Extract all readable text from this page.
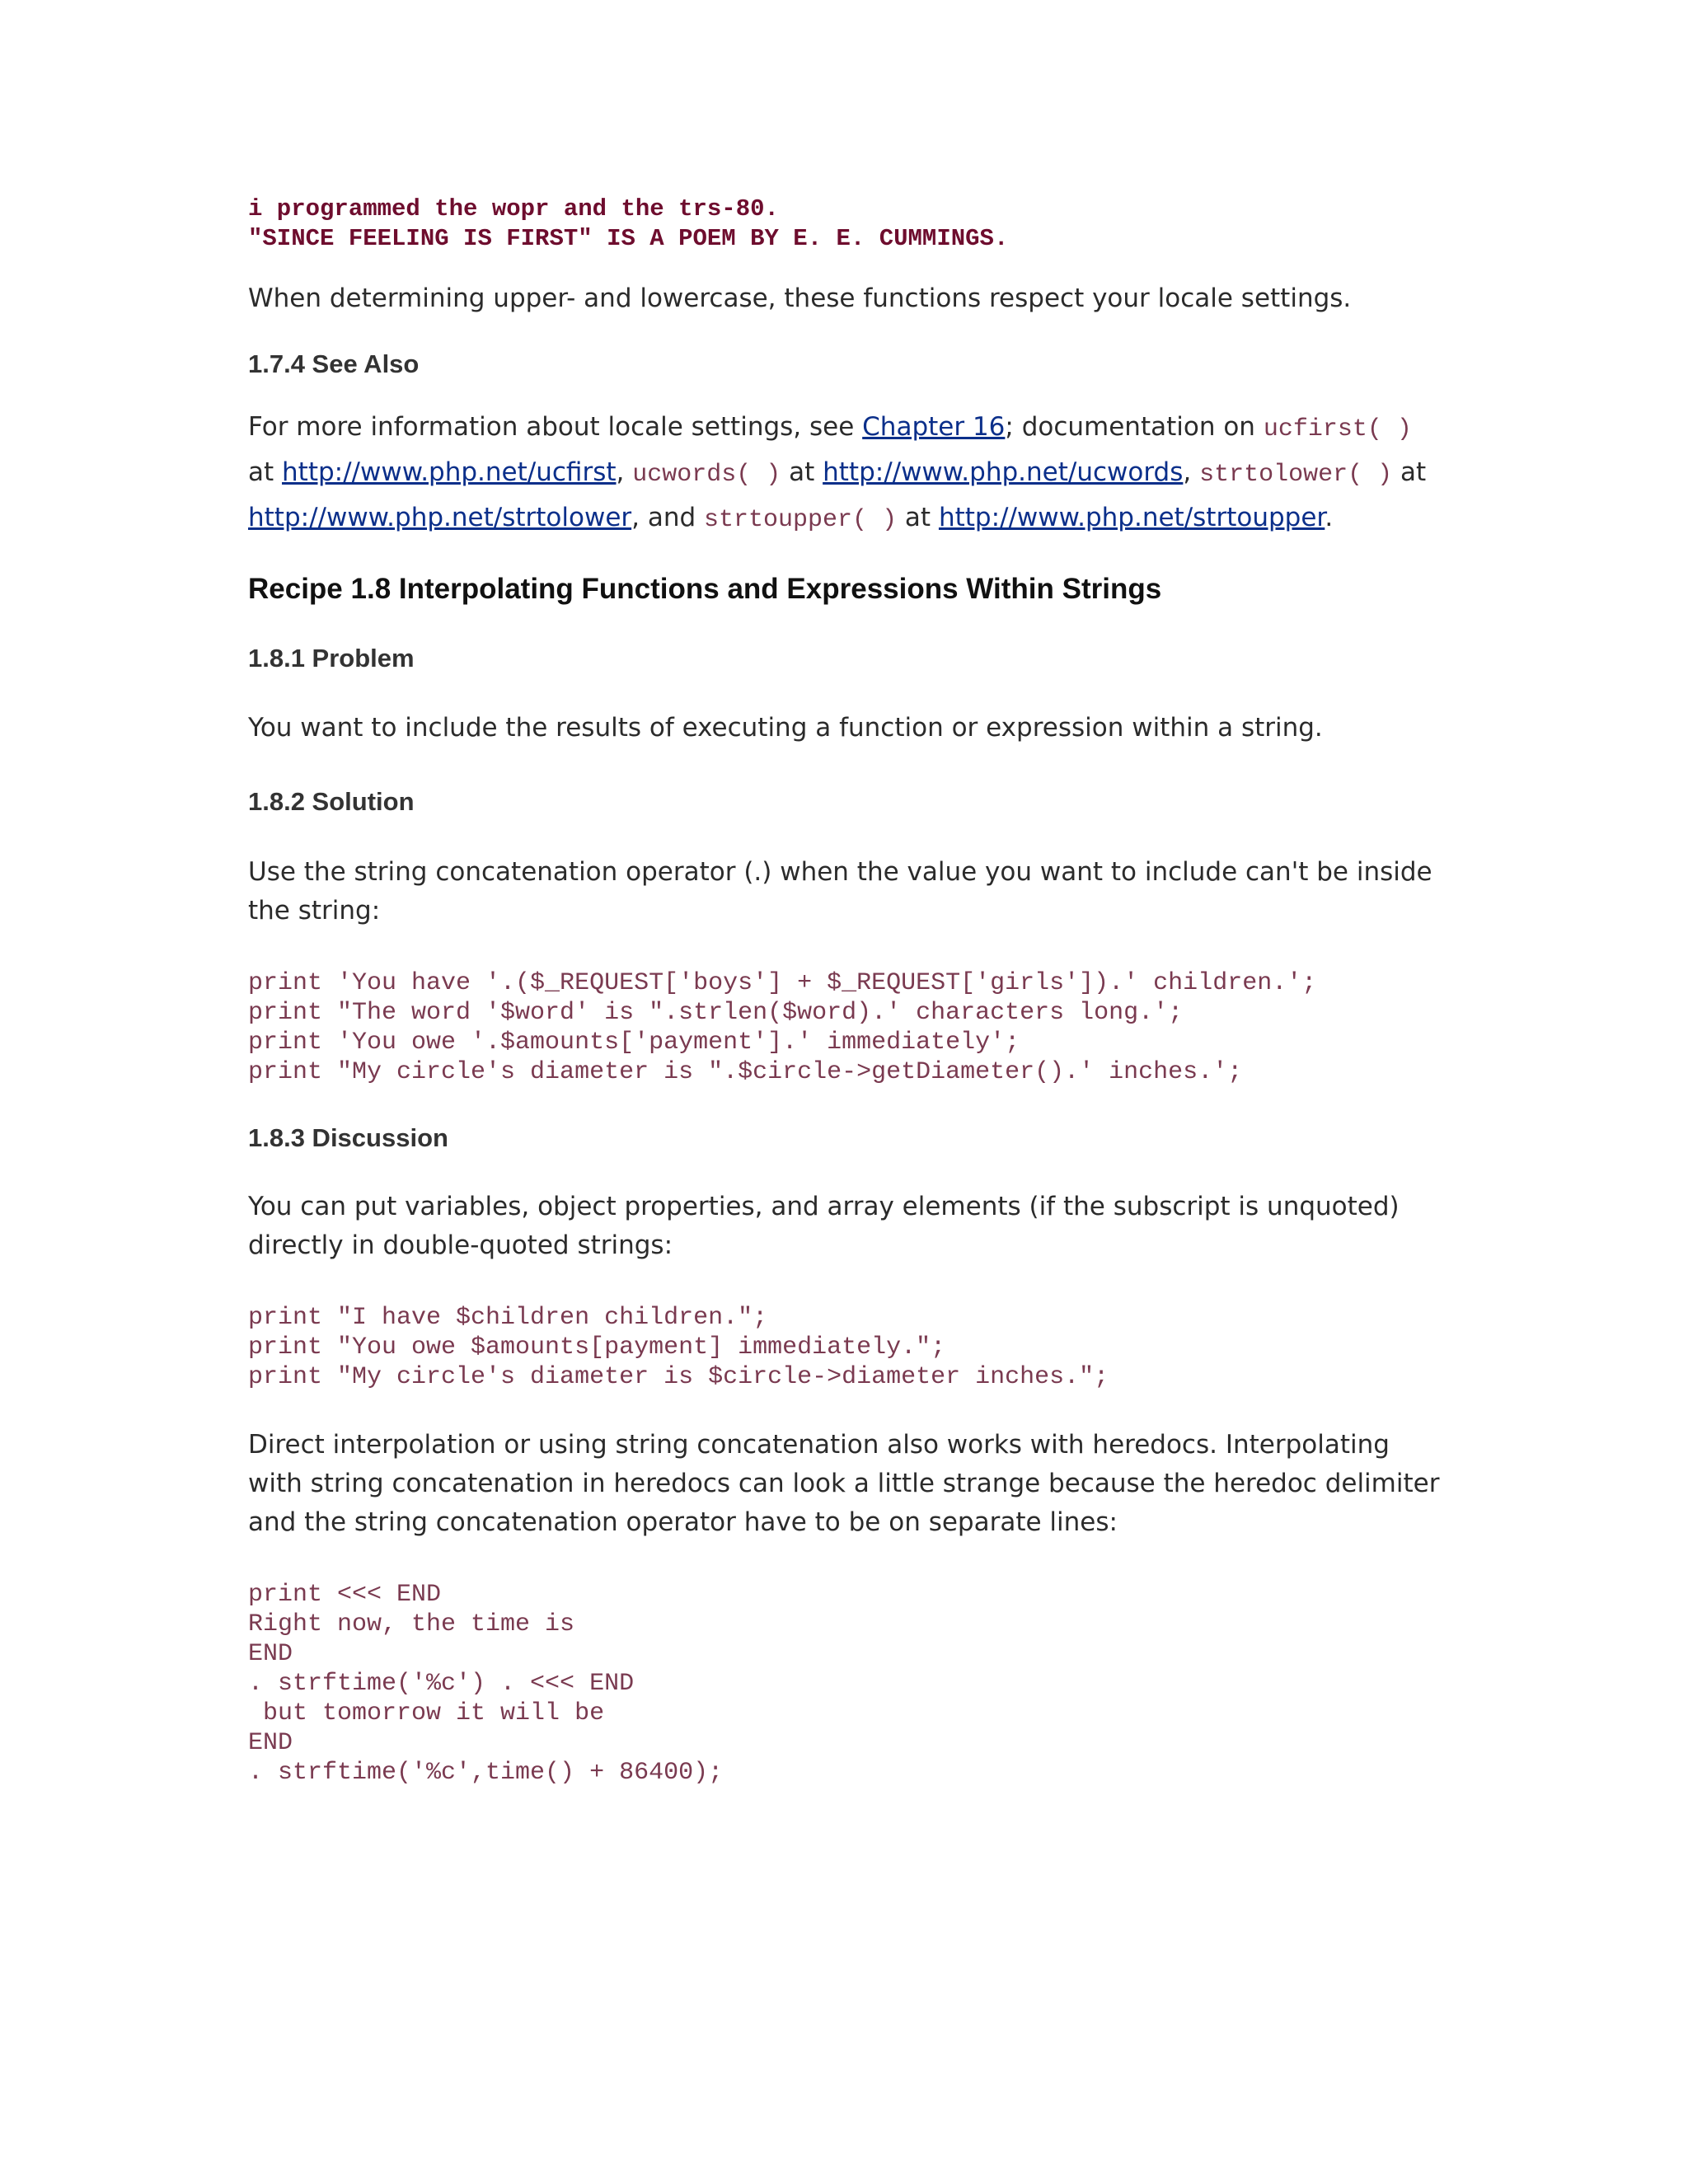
i programmed the wopr and the trs-80.
"SINCE FEELING IS FIRST" IS A POEM BY E. E. CUMMINGS.

When determining upper- and lowercase, these functions respect your locale settings.

1.7.4 See Also

For more information about locale settings, see Chapter 16; documentation on ucfirst( ) at http://www.php.net/ucfirst, ucwords( ) at http://www.php.net/ucwords, strtolower( ) at http://www.php.net/strtolower, and strtoupper( ) at http://www.php.net/strtoupper.

Recipe 1.8 Interpolating Functions and Expressions Within Strings
1.8.1 Problem

You want to include the results of executing a function or expression within a string.

1.8.2 Solution

Use the string concatenation operator (.) when the value you want to include can't be inside the string:

print 'You have '.($_REQUEST['boys'] + $_REQUEST['girls']).' children.';
print "The word '$word' is ".strlen($word).' characters long.';
print 'You owe '.$amounts['payment'].' immediately';
print "My circle's diameter is ".$circle->getDiameter().' inches.';
1.8.3 Discussion

You can put variables, object properties, and array elements (if the subscript is unquoted) directly in double-quoted strings:

print "I have $children children.";
print "You owe $amounts[payment] immediately.";
print "My circle's diameter is $circle->diameter inches.";

Direct interpolation or using string concatenation also works with heredocs. Interpolating with string concatenation in heredocs can look a little strange because the heredoc delimiter and the string concatenation operator have to be on separate lines:

print <<< END
Right now, the time is
END
. strftime('%c') . <<< END
but tomorrow it will be
END
. strftime('%c',time() + 86400);
